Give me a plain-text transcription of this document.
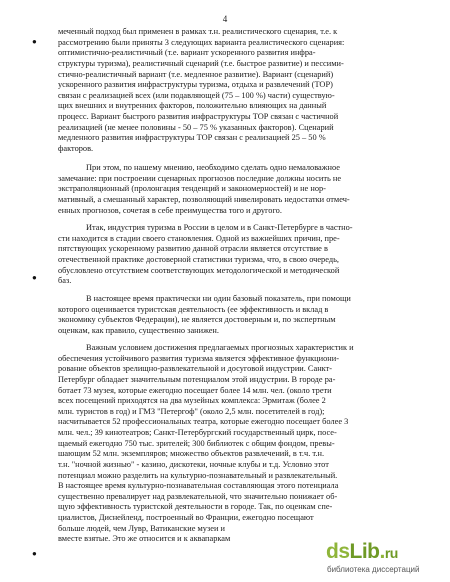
4
●
●
●
меченный подход был применен в рамках т.н. реалистического сценария, т.е. к
рассмотрению были приняты 3 следующих варианта реалистического сценария:
оптимистично-реалистичный (т.е. вариант ускоренного развития инфра-
структуры туризма), реалистичный сценарий (т.е. быстрое развитие) и пессими-
стично-реалистичный вариант (т.е. медленное развитие). Вариант (сценарий)
ускоренного развития инфраструктуры туризма, отдыха и развлечений (ТОР)
связан с реализацией всех (или подавляющей (75 – 100 %) части) существую-
щих внешних и внутренних факторов, положительно влияющих на данный
процесс. Вариант быстрого развития инфраструктуры ТОР связан с частичной
реализацией (не менее половины - 50 – 75 % указанных факторов). Сценарий
медленного развития инфраструктуры ТОР связан с реализацией 25 – 50 %
факторов.
При этом, по нашему мнению, необходимо сделать одно немаловажное
замечание: при построении сценарных прогнозов последние должны носить не
экстраполяционный (пролонгация тенденций и закономерностей) и не нор-
мативный, а смешанный характер, позволяющий нивелировать недостатки отмеч-
енных прогнозов, сочетая в себе преимущества того и другого.
Итак, индустрия туризма в России в целом и в Санкт-Петербурге в частно-
сти находится в стадии своего становления. Одной из важнейших причин, пре-
пятствующих ускоренному развитию данной отрасли является отсутствие в
отечественной практике достоверной статистики туризма, что, в свою очередь,
обусловлено отсутствием соответствующих методологической и методической
баз.
В настоящее время практически ни один базовый показатель, при помощи
которого оценивается туристская деятельность (ее эффективность и вклад в
экономику субъектов Федерации), не является достоверным и, по экспертным
оценкам, как правило, существенно занижен.
Важным условием достижения предлагаемых прогнозных характеристик и
обеспечения устойчивого развития туризма является эффективное функциони-
рование объектов зрелищно-развлекательной и досуговой индустрии. Санкт-
Петербург обладает значительным потенциалом этой индустрии. В городе ра-
ботает 73 музея, которые ежегодно посещает более 14 млн. чел. (около трети
всех посещений приходятся на два музейных комплекса: Эрмитаж (более 2
млн. туристов в год) и ГМЗ "Петергоф" (около 2,5 млн. посетителей в год);
насчитывается 52 профессиональных театра, которые ежегодно посещает более 3
млн. чел.; 39 кинотеатров; Санкт-Петербургский государственный цирк, посе-
щаемый ежегодно 750 тыс. зрителей; 300 библиотек с общим фондом, превы-
шающим 52 млн. экземпляров; множество объектов развлечений, в т.ч. т.н.
т.н. "ночной жизнью" - казино, дискотеки, ночные клубы и т.д. Условно этот
потенциал можно разделить на культурно-познавательный и развлекательный.
В настоящее время культурно-познавательная составляющая этого потенциала
существенно превалирует над развлекательной, что значительно понижает об-
щую эффективность туристской деятельности в городе. Так, по оценкам спе-
циалистов, Диснейленд, построенный во Франции, ежегодно посещают
больше людей, чем Лувр, Ватиканские музеи и
вместе взятые. Это же относится и к аквапаркам
dsLib.ru
библиотека диссертаций
